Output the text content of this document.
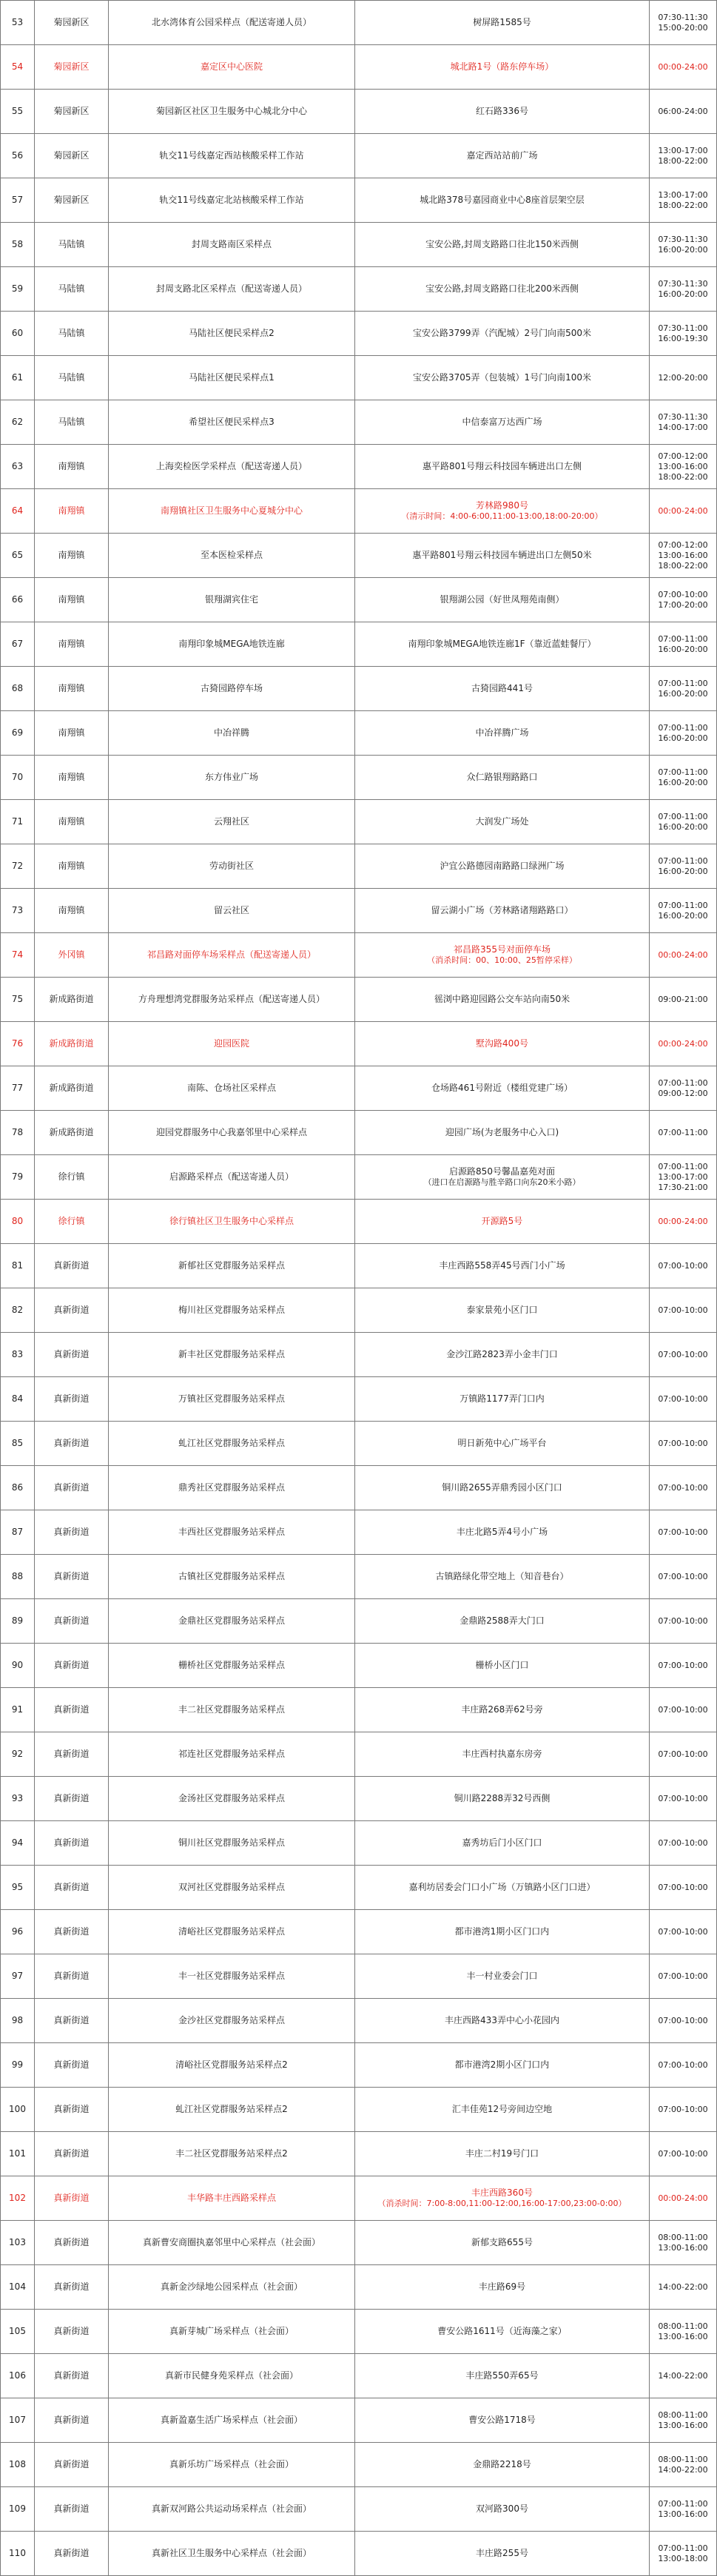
53	菊园新区	北水湾体育公园采样点（配送寄递人员）	树屏路1585号	07:30-11:30
15:00-20:00

54	菊园新区	嘉定区中心医院	城北路1号（路东停车场）	00:00-24:00

55	菊园新区	菊园新区社区卫生服务中心城北分中心	红石路336号	06:00-24:00

56	菊园新区	轨交11号线嘉定西站核酸采样工作站	嘉定西站站前广场	13:00-17:00
18:00-22:00

57	菊园新区	轨交11号线嘉定北站核酸采样工作站	城北路378号嘉园商业中心8座首层架空层	13:00-17:00
18:00-22:00

58	马陆镇	封周支路南区采样点	宝安公路,封周支路路口往北150米西侧	07:30-11:30
16:00-20:00

59	马陆镇	封周支路北区采样点（配送寄递人员）	宝安公路,封周支路路口往北200米西侧	07:30-11:30
16:00-20:00

60	马陆镇	马陆社区便民采样点2	宝安公路3799弄（汽配城）2号门向南500米	07:30-11:00
16:00-19:30

61	马陆镇	马陆社区便民采样点1	宝安公路3705弄（包装城）1号门向南100米	12:00-20:00

62	马陆镇	希望社区便民采样点3	中信泰富万达西广场	07:30-11:30
14:00-17:00

63	南翔镇	上海奕检医学采样点（配送寄递人员）	惠平路801号翔云科技园车辆进出口左侧	07:00-12:00
13:00-16:00
18:00-22:00

64	南翔镇	南翔镇社区卫生服务中心夏城分中心	芳林路980号
（清示时间：4:00-6:00,11:00-13:00,18:00-20:00）	00:00-24:00

65	南翔镇	至本医检采样点	惠平路801号翔云科技园车辆进出口左侧50米	07:00-12:00
13:00-16:00
18:00-22:00

66	南翔镇	银翔湖宾住宅	银翔湖公园（好世凤翔苑南侧）	07:00-10:00
17:00-20:00

67	南翔镇	南翔印象城MEGA地铁连廊	南翔印象城MEGA地铁连廊1F（靠近蓝蛙餐厅）	07:00-11:00
16:00-20:00

68	南翔镇	古猗园路停车场	古猗园路441号	07:00-11:00
16:00-20:00

69	南翔镇	中冶祥腾	中冶祥腾广场	07:00-11:00
16:00-20:00

70	南翔镇	东方伟业广场	众仁路银翔路路口	07:00-11:00
16:00-20:00

71	南翔镇	云翔社区	大润发广场处	07:00-11:00
16:00-20:00

72	南翔镇	劳动街社区	沪宜公路德园南路路口绿洲广场	07:00-11:00
16:00-20:00

73	南翔镇	留云社区	留云湖小广场（芳林路诸翔路路口）	07:00-11:00
16:00-20:00

74	外冈镇	祁昌路对面停车场采样点（配送寄递人员）	祁昌路355号对面停车场
（消杀时间：00、10:00、25暂停采样）	00:00-24:00

75	新成路街道	方舟理想湾党群服务站采样点（配送寄递人员）	徭浏中路迎园路公交车站向南50米	09:00-21:00

76	新成路街道	迎园医院	墅沟路400号	00:00-24:00

77	新成路街道	南陈、仓场社区采样点	仓场路461号附近（楼组党建广场）	07:00-11:00
09:00-12:00

78	新成路街道	迎园党群服务中心我嘉邻里中心采样点	迎园广场(为老服务中心入口)	07:00-11:00

79	徐行镇	启源路采样点（配送寄递人员）	启源路850号馨晶嘉苑对面
（进口在启源路与胜辛路口向东20米小路）	07:00-11:00
13:00-17:00
17:30-21:00

80	徐行镇	徐行镇社区卫生服务中心采样点	开源路5号	00:00-24:00

81	真新街道	新郁社区党群服务站采样点	丰庄西路558弄45号西门小广场	07:00-10:00

82	真新街道	梅川社区党群服务站采样点	泰家景苑小区门口	07:00-10:00

83	真新街道	新丰社区党群服务站采样点	金沙江路2823弄小金丰门口	07:00-10:00

84	真新街道	万镇社区党群服务站采样点	万镇路1177弄门口内	07:00-10:00

85	真新街道	虬江社区党群服务站采样点	明日新苑中心广场平台	07:00-10:00

86	真新街道	鼎秀社区党群服务站采样点	铜川路2655弄鼎秀园小区门口	07:00-10:00

87	真新街道	丰西社区党群服务站采样点	丰庄北路5弄4号小广场	07:00-10:00

88	真新街道	古镇社区党群服务站采样点	古镇路绿化带空地上（知音巷台）	07:00-10:00

89	真新街道	金鼎社区党群服务站采样点	金鼎路2588弄大门口	07:00-10:00

90	真新街道	栅桥社区党群服务站采样点	栅桥小区门口	07:00-10:00

91	真新街道	丰二社区党群服务站采样点	丰庄路268弄62号旁	07:00-10:00

92	真新街道	祁连社区党群服务站采样点	丰庄西村执嘉东房旁	07:00-10:00

93	真新街道	金汤社区党群服务站采样点	铜川路2288弄32号西侧	07:00-10:00

94	真新街道	铜川社区党群服务站采样点	嘉秀坊后门小区门口	07:00-10:00

95	真新街道	双河社区党群服务站采样点	嘉利坊居委会门口小广场（万镇路小区门口进）	07:00-10:00

96	真新街道	清峪社区党群服务站采样点	都市港湾1期小区门口内	07:00-10:00

97	真新街道	丰一社区党群服务站采样点	丰一村业委会门口	07:00-10:00

98	真新街道	金沙社区党群服务站采样点	丰庄西路433弄中心小花园内	07:00-10:00

99	真新街道	清峪社区党群服务站采样点2	都市港湾2期小区门口内	07:00-10:00

100	真新街道	虬江社区党群服务站采样点2	汇丰佳苑12号旁间边空地	07:00-10:00

101	真新街道	丰二社区党群服务站采样点2	丰庄二村19号门口	07:00-10:00

102	真新街道	丰华路丰庄西路采样点	丰庄西路360号
（消杀时间：7:00-8:00,11:00-12:00,16:00-17:00,23:00-0:00）	00:00-24:00

103	真新街道	真新曹安商圈执嘉邻里中心采样点（社会面）	新郁支路655号	08:00-11:00
13:00-16:00

104	真新街道	真新金沙绿地公园采样点（社会面）	丰庄路69号	14:00-22:00

105	真新街道	真新芽城广场采样点（社会面）	曹安公路1611号（近海藻之家）	08:00-11:00
13:00-16:00

106	真新街道	真新市民健身苑采样点（社会面）	丰庄路550弄65号	14:00-22:00

107	真新街道	真新盈嘉生活广场采样点（社会面）	曹安公路1718号	08:00-11:00
13:00-16:00

108	真新街道	真新乐坊广场采样点（社会面）	金鼎路2218号	08:00-11:00
14:00-22:00

109	真新街道	真新双河路公共运动场采样点（社会面）	双河路300号	07:00-11:00
13:00-16:00

110	真新街道	真新社区卫生服务中心采样点（社会面）	丰庄路255号	07:00-11:00
13:00-18:00
